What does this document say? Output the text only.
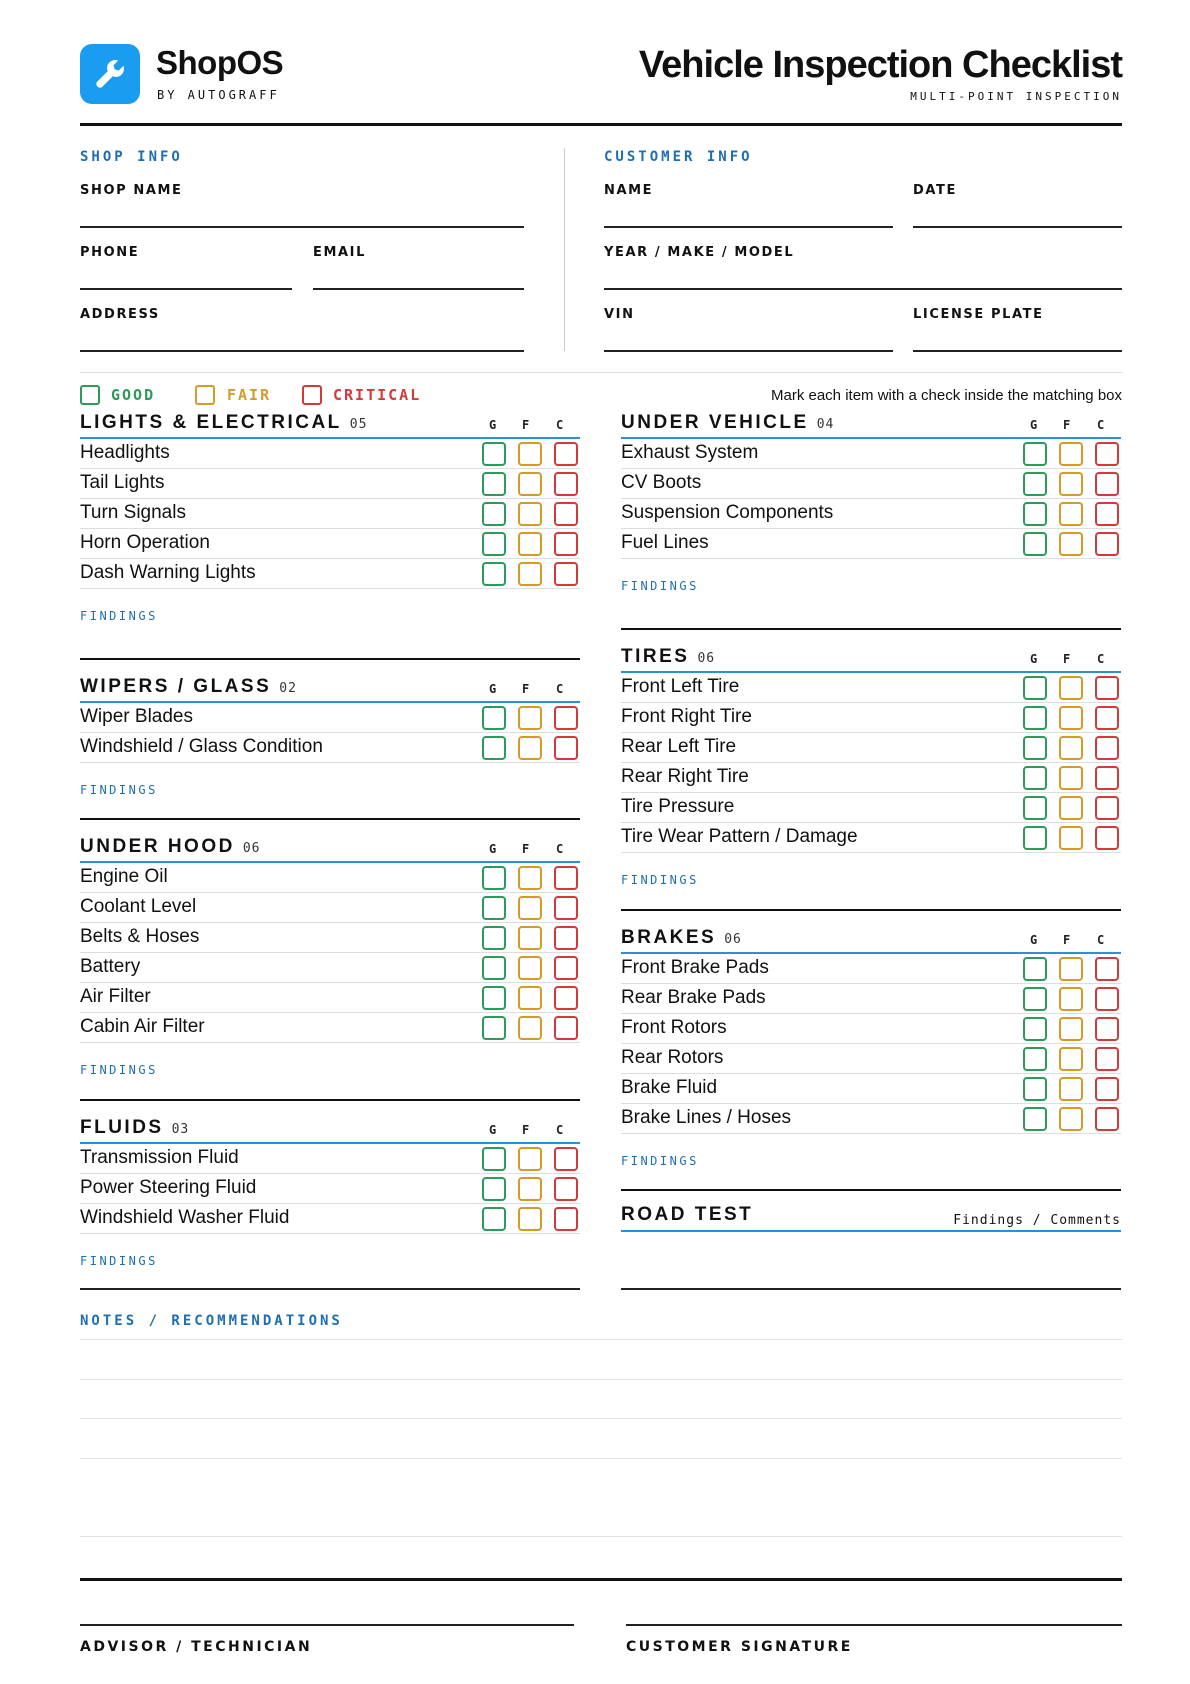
ShopOS
BY AUTOGRAFF
Vehicle Inspection Checklist
MULTI-POINT INSPECTION
SHOP INFO
SHOP NAME
PHONE	EMAIL
ADDRESS
CUSTOMER INFO
NAME	DATE
YEAR / MAKE / MODEL
VIN	LICENSE PLATE
GOOD	FAIR	CRITICAL	Mark each item with a check inside the matching box
LIGHTS & ELECTRICAL 05	G F C
Headlights
Tail Lights
Turn Signals
Horn Operation
Dash Warning Lights
FINDINGS
WIPERS / GLASS 02	G F C
Wiper Blades
Windshield / Glass Condition
FINDINGS
UNDER HOOD 06	G F C
Engine Oil
Coolant Level
Belts & Hoses
Battery
Air Filter
Cabin Air Filter
FINDINGS
FLUIDS 03	G F C
Transmission Fluid
Power Steering Fluid
Windshield Washer Fluid
FINDINGS
UNDER VEHICLE 04	G F C
Exhaust System
CV Boots
Suspension Components
Fuel Lines
FINDINGS
TIRES 06	G F C
Front Left Tire
Front Right Tire
Rear Left Tire
Rear Right Tire
Tire Pressure
Tire Wear Pattern / Damage
FINDINGS
BRAKES 06	G F C
Front Brake Pads
Rear Brake Pads
Front Rotors
Rear Rotors
Brake Fluid
Brake Lines / Hoses
FINDINGS
ROAD TEST	Findings / Comments
NOTES / RECOMMENDATIONS
ADVISOR / TECHNICIAN	CUSTOMER SIGNATURE
